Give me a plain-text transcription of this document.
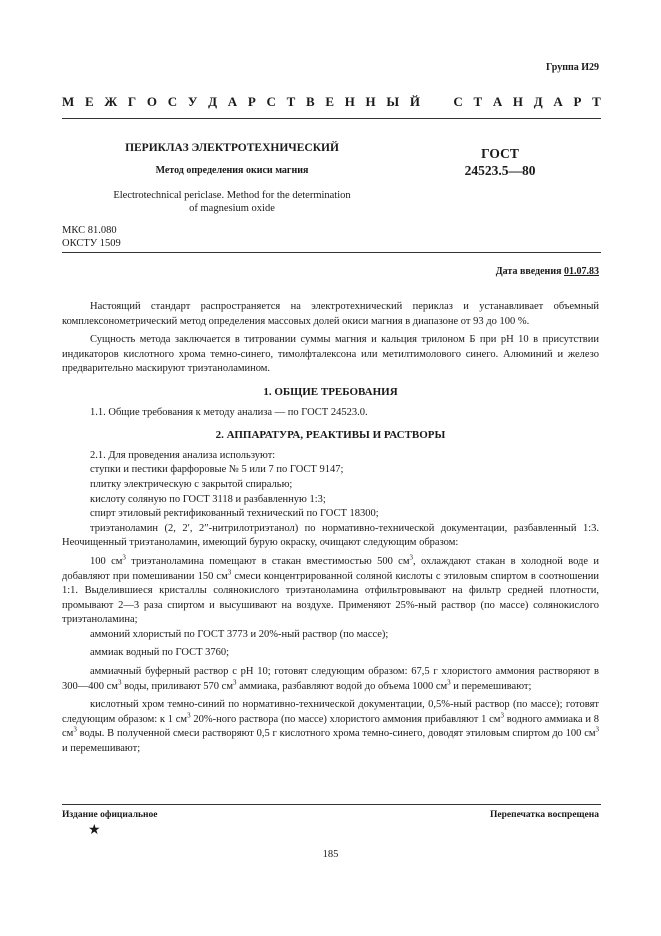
Группа И29
М Е Ж Г О С У Д А Р С Т В Е Н Н Ы Й	С Т А Н Д А Р Т
ПЕРИКЛАЗ ЭЛЕКТРОТЕХНИЧЕСКИЙ
Метод определения окиси магния
Electrotechnical periclase. Method for the determination
of magnesium oxide
ГОСТ
24523.5—80
МКС 81.080
ОКСТУ 1509
Дата введения 01.07.83

Настоящий стандарт распространяется на электротехнический периклаз и устанавливает объемный комплексонометрический метод определения массовых долей окиси магния в диапазоне от 93 до 100 %.

Сущность метода заключается в титровании суммы магния и кальция трилоном Б при pH 10 в присутствии индикаторов кислотного хрома темно-синего, тимолфталексона или метилтимолового синего. Алюминий и железо предварительно маскируют триэтаноламином.

1. ОБЩИЕ ТРЕБОВАНИЯ

1.1. Общие требования к методу анализа — по ГОСТ 24523.0.

2. АППАРАТУРА, РЕАКТИВЫ И РАСТВОРЫ

2.1. Для проведения анализа используют:

ступки и пестики фарфоровые № 5 или 7 по ГОСТ 9147;

плитку электрическую с закрытой спиралью;

кислоту соляную по ГОСТ 3118 и разбавленную 1:3;

спирт этиловый ректификованный технический по ГОСТ 18300;

триэтаноламин (2, 2′, 2″-нитрилотриэтанол) по нормативно-технической документации, разбавленный 1:3. Неочищенный триэтаноламин, имеющий бурую окраску, очищают следующим образом:

100 $см^3$ триэтаноламина помещают в стакан вместимостью 500 $см^3$, охлаждают стакан в холодной воде и добавляют при помешивании 150 $см^3$ смеси концентрированной соляной кислоты с этиловым спиртом в соотношении 1:1. Выделившиеся кристаллы солянокислого триэтаноламина отфильтровывают на фильтр средней плотности, промывают 2—3 раза спиртом и высушивают на воздухе. Применяют 25%-ный раствор (по массе) солянокислого триэтаноламина;

аммоний хлористый по ГОСТ 3773 и 20%-ный раствор (по массе);

аммиак водный по ГОСТ 3760;

аммиачный буферный раствор с pH 10; готовят следующим образом: 67,5 г хлористого аммония растворяют в 300—400 $см^3$ воды, приливают 570 $см^3$ аммиака, разбавляют водой до объема 1000 $см^3$ и перемешивают;

кислотный хром темно-синий по нормативно-технической документации, 0,5%-ный раствор (по массе); готовят следующим образом: к 1 $см^3$ 20%-ного раствора (по массе) хлористого аммония прибавляют 1 $см^3$ водного аммиака и 8 $см^3$ воды. В полученной смеси растворяют 0,5 г кислотного хрома темно-синего, доводят этиловым спиртом до 100 $см^3$ и перемешивают;

Издание официальное	Перепечатка воспрещена
★
185
